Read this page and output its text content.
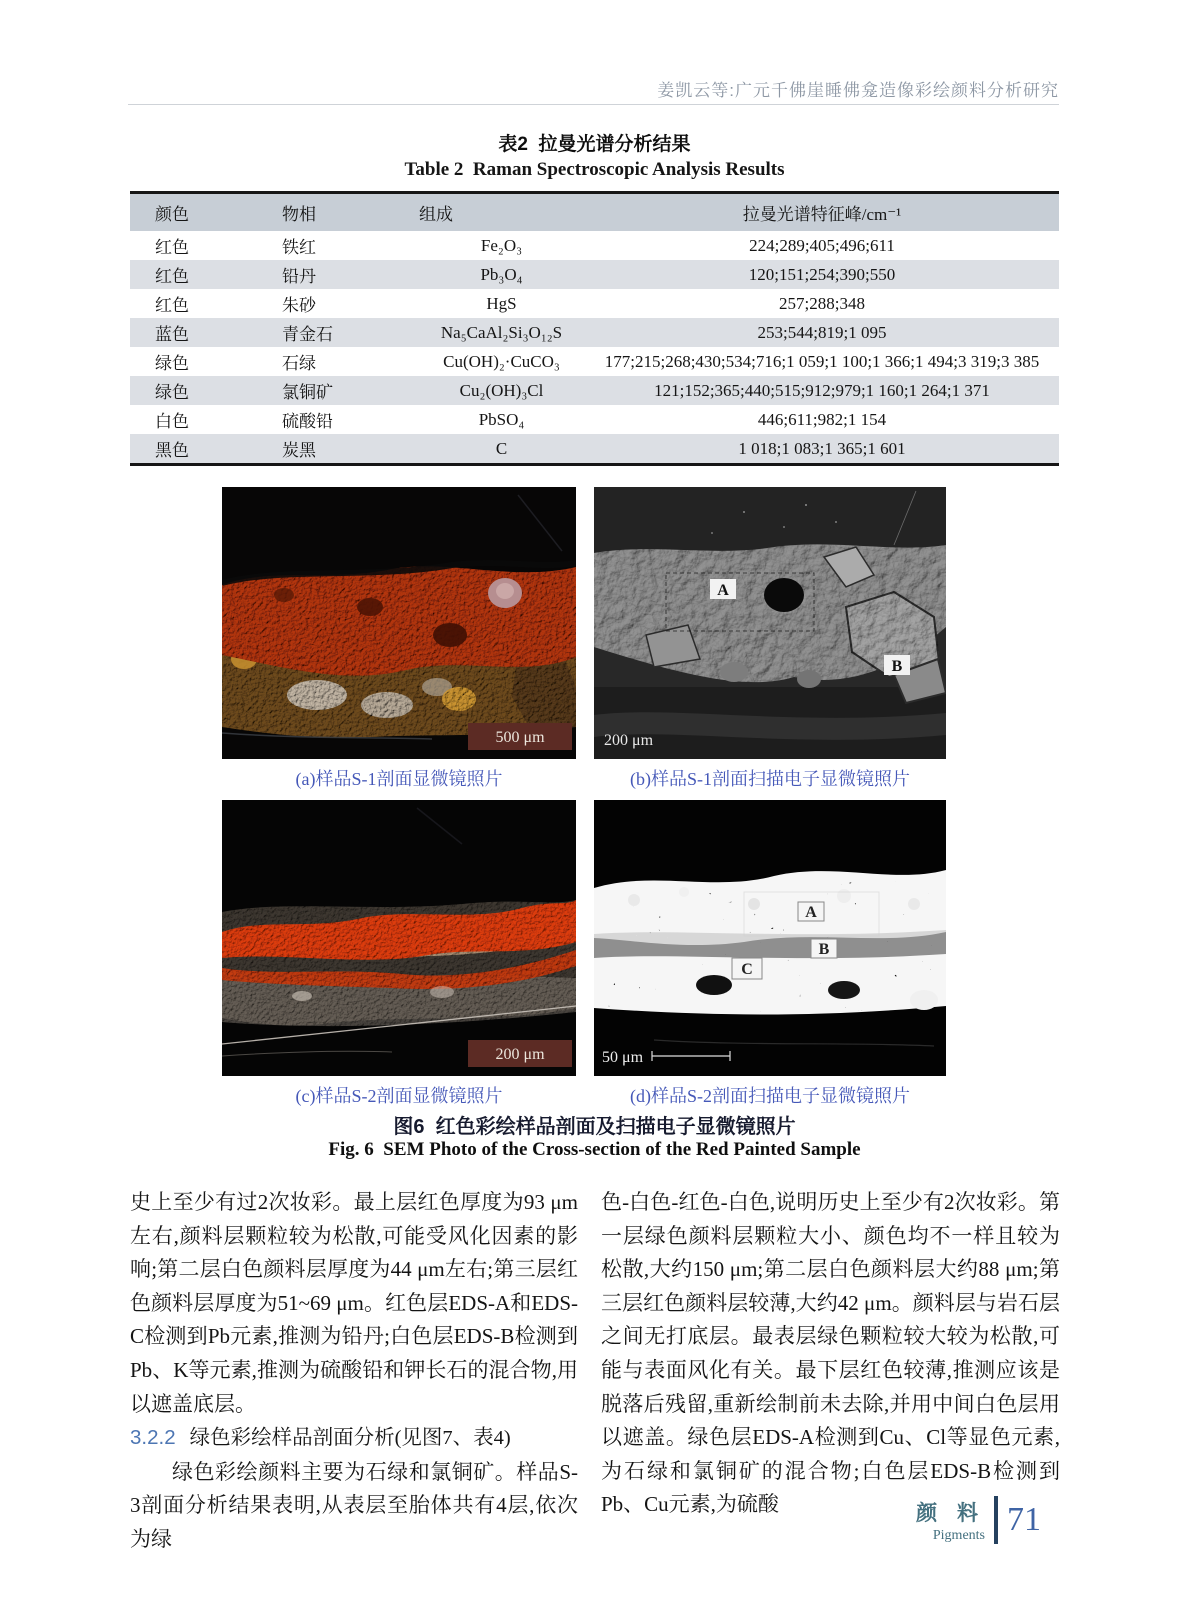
姜凯云等:广元千佛崖睡佛龛造像彩绘颜料分析研究
表2  拉曼光谱分析结果
Table 2  Raman Spectroscopic Analysis Results
颜色	物相	组成	拉曼光谱特征峰/cm⁻¹
红色	铁红	Fe₂O₃	224;289;405;496;611
红色	铅丹	Pb₃O₄	120;151;254;390;550
红色	朱砂	HgS	257;288;348
蓝色	青金石	Na₅CaAl₂Si₃O₁₂S	253;544;819;1 095
绿色	石绿	Cu(OH)₂·CuCO₃	177;215;268;430;534;716;1 059;1 100;1 366;1 494;3 319;3 385
绿色	氯铜矿	Cu₂(OH)₃Cl	121;152;365;440;515;912;979;1 160;1 264;1 371
白色	硫酸铅	PbSO₄	446;611;982;1 154
黑色	炭黑	C	1 018;1 083;1 365;1 601
500 μm
A
B
200 μm
(a)样品S-1剖面显微镜照片	(b)样品S-1剖面扫描电子显微镜照片
200 μm
A
B
C
50 μm
(c)样品S-2剖面显微镜照片	(d)样品S-2剖面扫描电子显微镜照片
图6  红色彩绘样品剖面及扫描电子显微镜照片
Fig. 6  SEM Photo of the Cross-section of the Red Painted Sample

史上至少有过2次妆彩。最上层红色厚度为93 μm左右,颜料层颗粒较为松散,可能受风化因素的影响;第二层白色颜料层厚度为44 μm左右;第三层红色颜料层厚度为51~69 μm。红色层EDS-A和EDS-C检测到Pb元素,推测为铅丹;白色层EDS-B检测到Pb、K等元素,推测为硫酸铅和钾长石的混合物,用以遮盖底层。

3.2.2 绿色彩绘样品剖面分析(见图7、表4)

绿色彩绘颜料主要为石绿和氯铜矿。样品S-3剖面分析结果表明,从表层至胎体共有4层,依次为绿

色-白色-红色-白色,说明历史上至少有2次妆彩。第一层绿色颜料层颗粒大小、颜色均不一样且较为松散,大约150 μm;第二层白色颜料层大约88 μm;第三层红色颜料层较薄,大约42 μm。颜料层与岩石层之间无打底层。最表层绿色颗粒较大较为松散,可能与表面风化有关。最下层红色较薄,推测应该是脱落后残留,重新绘制前未去除,并用中间白色层用以遮盖。绿色层EDS-A检测到Cu、Cl等显色元素,为石绿和氯铜矿的混合物;白色层EDS-B检测到Pb、Cu元素,为硫酸	颜 料
Pigments 71
